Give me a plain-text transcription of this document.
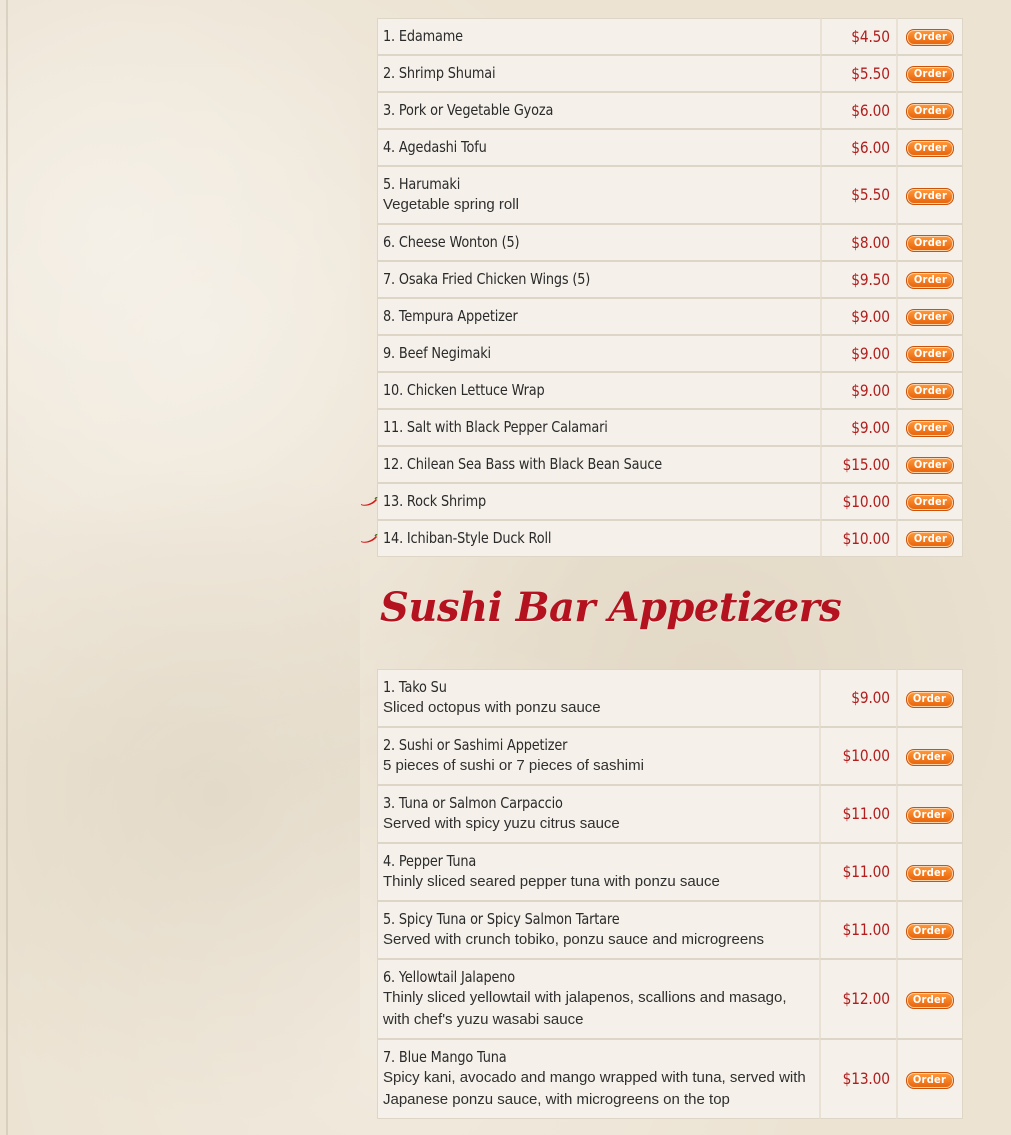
1. Edamame	$4.50	Order

2. Shrimp Shumai	$5.50	Order

3. Pork or Vegetable Gyoza	$6.00	Order

4. Agedashi Tofu	$6.00	Order

5. Harumaki
Vegetable spring roll	$5.50	Order

6. Cheese Wonton (5)	$8.00	Order

7. Osaka Fried Chicken Wings (5)	$9.50	Order

8. Tempura Appetizer	$9.00	Order

9. Beef Negimaki	$9.00	Order

10. Chicken Lettuce Wrap	$9.00	Order

11. Salt with Black Pepper Calamari	$9.00	Order

12. Chilean Sea Bass with Black Bean Sauce	$15.00	Order

13. Rock Shrimp	$10.00	Order

14. Ichiban-Style Duck Roll	$10.00	Order
Sushi Bar Appetizers
1. Tako Su
Sliced octopus with ponzu sauce	$9.00	Order

2. Sushi or Sashimi Appetizer
5 pieces of sushi or 7 pieces of sashimi	$10.00	Order

3. Tuna or Salmon Carpaccio
Served with spicy yuzu citrus sauce	$11.00	Order

4. Pepper Tuna
Thinly sliced seared pepper tuna with ponzu sauce	$11.00	Order

5. Spicy Tuna or Spicy Salmon Tartare
Served with crunch tobiko, ponzu sauce and microgreens	$11.00	Order

6. Yellowtail Jalapeno
Thinly sliced yellowtail with jalapenos, scallions and masago, with chef's yuzu wasabi sauce	$12.00	Order

7. Blue Mango Tuna
Spicy kani, avocado and mango wrapped with tuna, served with Japanese ponzu sauce, with microgreens on the top	$13.00	Order
